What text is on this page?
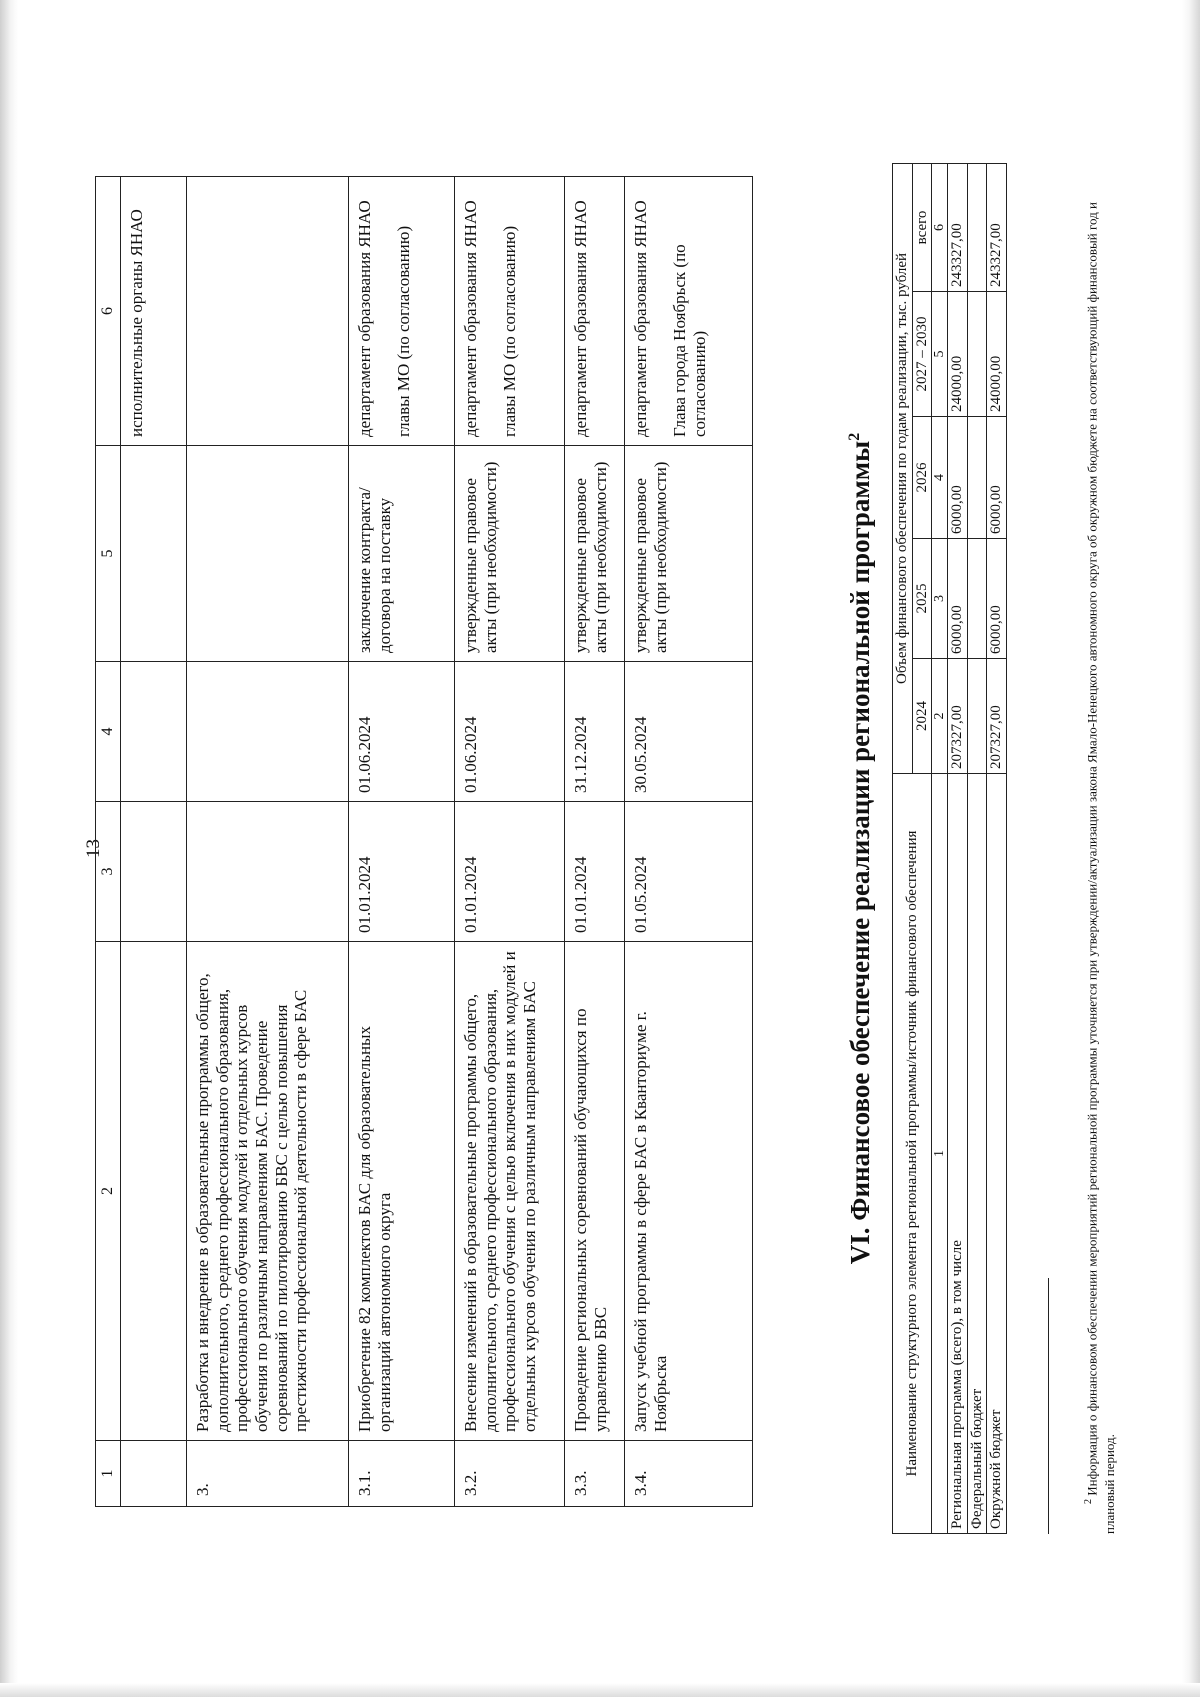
13
1	2	3	4	5	6
					исполнительные органы ЯНАО
3.	Разработка и внедрение в образовательные программы общего, дополнительного, среднего профессионального образования, профессионального обучения модулей и отдельных курсов обучения по различным направлениям БАС. Проведение соревнований по пилотированию БВС с целью повышения престижности профессиональной деятельности в сфере БАС				
3.1.	Приобретение 82 комплектов БАС для образовательных организаций автономного округа	01.01.2024	01.06.2024	заключение контракта/договора на поставку	департамент образования ЯНАО главы МО (по согласованию)
3.2.	Внесение изменений в образовательные программы общего, дополнительного, среднего профессионального образования, профессионального обучения с целью включения в них модулей и отдельных курсов обучения по различным направлениям БАС	01.01.2024	01.06.2024	утвержденные правовое акты (при необходимости)	департамент образования ЯНАО главы МО (по согласованию)
3.3.	Проведение региональных соревнований обучающихся по управлению БВС	01.01.2024	31.12.2024	утвержденные правовое акты (при необходимости)	департамент образования ЯНАО
3.4.	Запуск учебной программы в сфере БАС в Кванториуме г. Ноябрьска	01.05.2024	30.05.2024	утвержденные правовое акты (при необходимости)	департамент образования ЯНАО Глава города Ноябрьск (по согласованию)
VI. Финансовое обеспечение реализации региональной программы$^2$
Наименование структурного элемента региональной программы/источник финансового обеспечения	Объем финансового обеспечения по годам реализации, тыс. рублей				
	2024	2025	2026	2027 – 2030	всего
1	2	3	4	5	6
Региональная программа (всего), в том числе	207327,00	6000,00	6000,00	24000,00	243327,00
Федеральный бюджет					
Окружной бюджет	207327,00	6000,00	6000,00	24000,00	243327,00
$^2$ Информация о финансовом обеспечении мероприятий региональной программы уточняется при утверждении/актуализации закона Ямало-Ненецкого автономного округа об окружном бюджете на соответствующий финансовый год и плановый период.
